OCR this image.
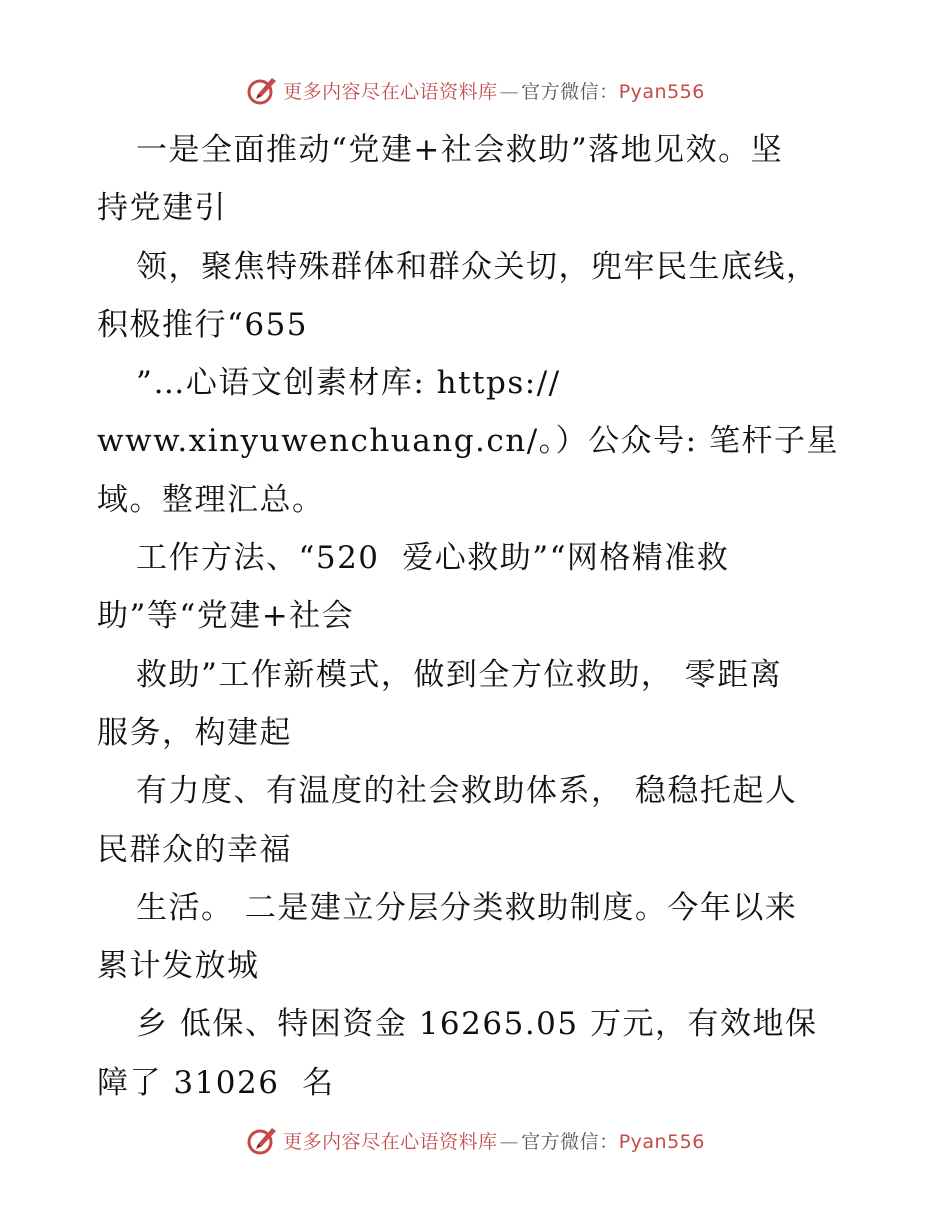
更多内容尽在心语资料库 — 官方微信：Pyan556
一是全面推动“党建+社会救助”落地见效。坚
持党建引
领，聚焦特殊群体和群众关切，兜牢民生底线，
积极推行“655
”…心语文创素材库: https://
www.xinyuwenchuang.cn/。）公众号: 笔杆子星
域。整理汇总。
工作方法、“520  爱心救助”“网格精准救
助”等“党建+社会
救助”工作新模式，做到全方位救助， 零距离
服务，构建起
有力度、有温度的社会救助体系， 稳稳托起人
民群众的幸福
生活。 二是建立分层分类救助制度。今年以来
累计发放城
乡 低保、特困资金 16265.05 万元，有效地保
障了 31026  名
更多内容尽在心语资料库 — 官方微信：Pyan556
